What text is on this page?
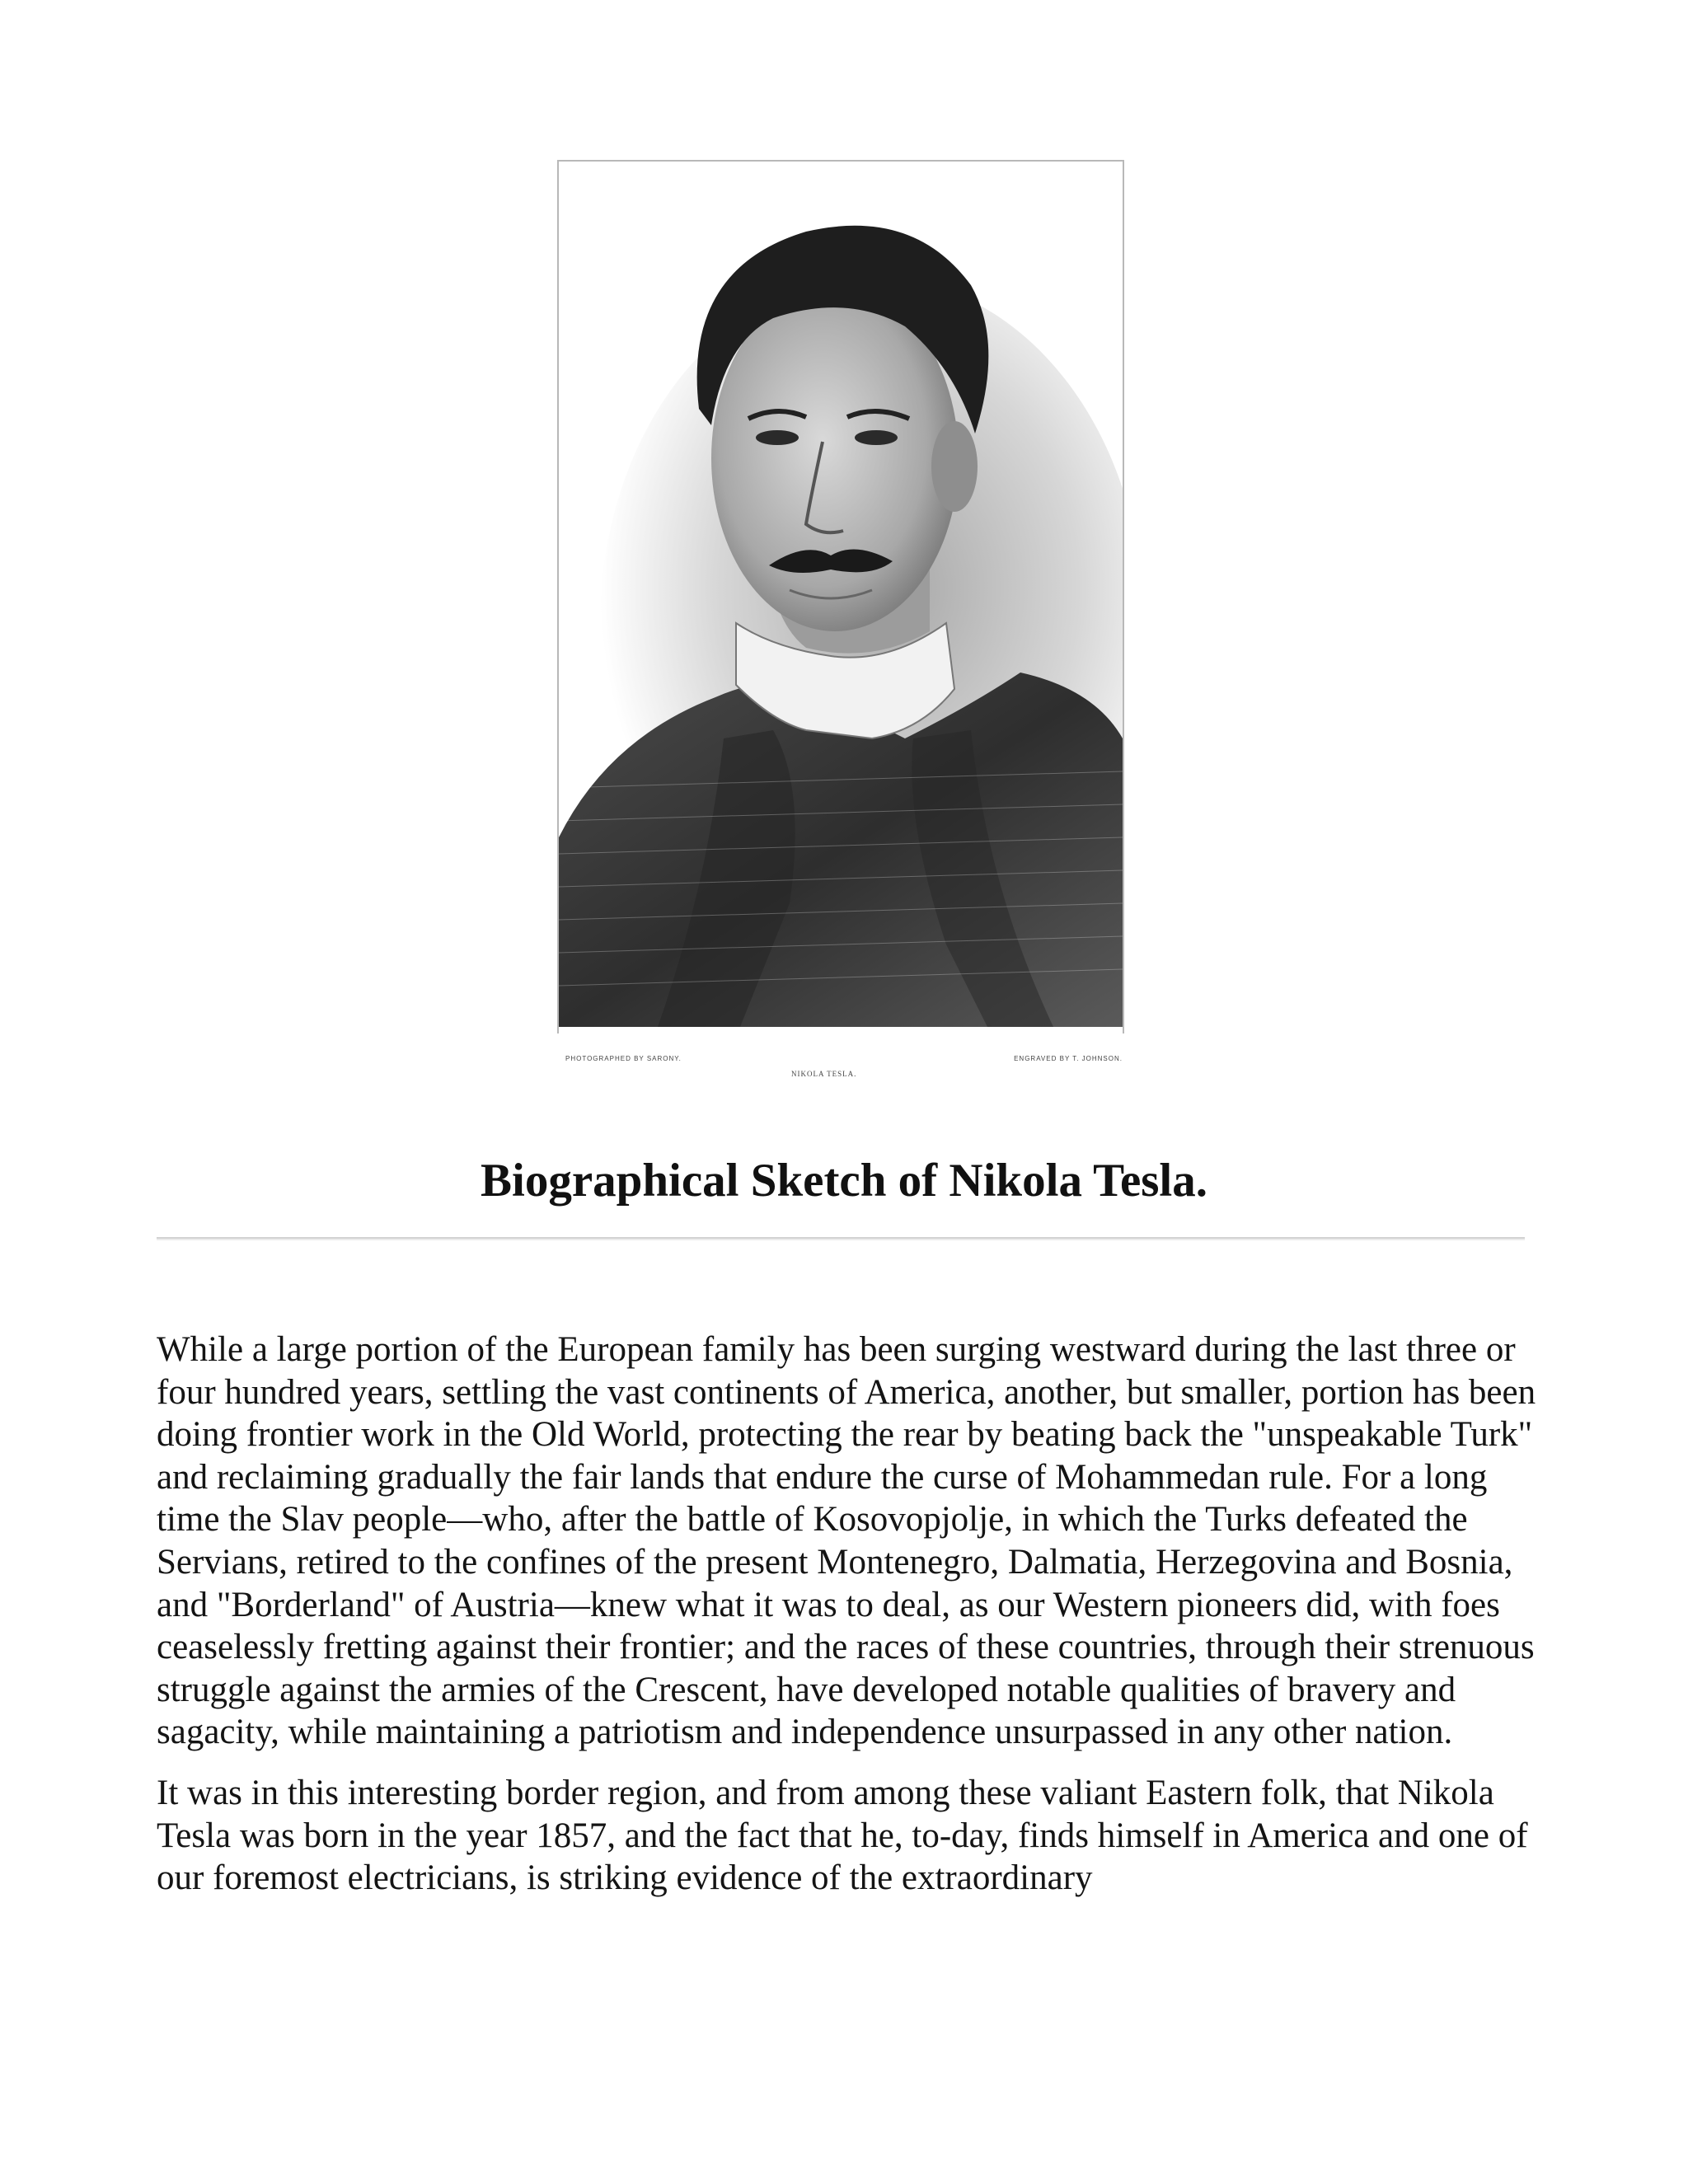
PHOTOGRAPHED BY SARONY.	ENGRAVED BY T. JOHNSON.
NIKOLA TESLA.
Biographical Sketch of Nikola Tesla.

While a large portion of the European family has been surging westward during the last three or four hundred years, settling the vast continents of America, another, but smaller, portion has been doing frontier work in the Old World, protecting the rear by beating back the "unspeakable Turk" and reclaiming gradually the fair lands that endure the curse of Mohammedan rule. For a long time the Slav people—who, after the battle of Kosovopjolje, in which the Turks defeated the Servians, retired to the confines of the present Montenegro, Dalmatia, Herzegovina and Bosnia, and "Borderland" of Austria—knew what it was to deal, as our Western pioneers did, with foes ceaselessly fretting against their frontier; and the races of these countries, through their strenuous struggle against the armies of the Crescent, have developed notable qualities of bravery and sagacity, while maintaining a patriotism and independence unsurpassed in any other nation.

It was in this interesting border region, and from among these valiant Eastern folk, that Nikola Tesla was born in the year 1857, and the fact that he, to-day, finds himself in America and one of our foremost electricians, is striking evidence of the extraordinary
